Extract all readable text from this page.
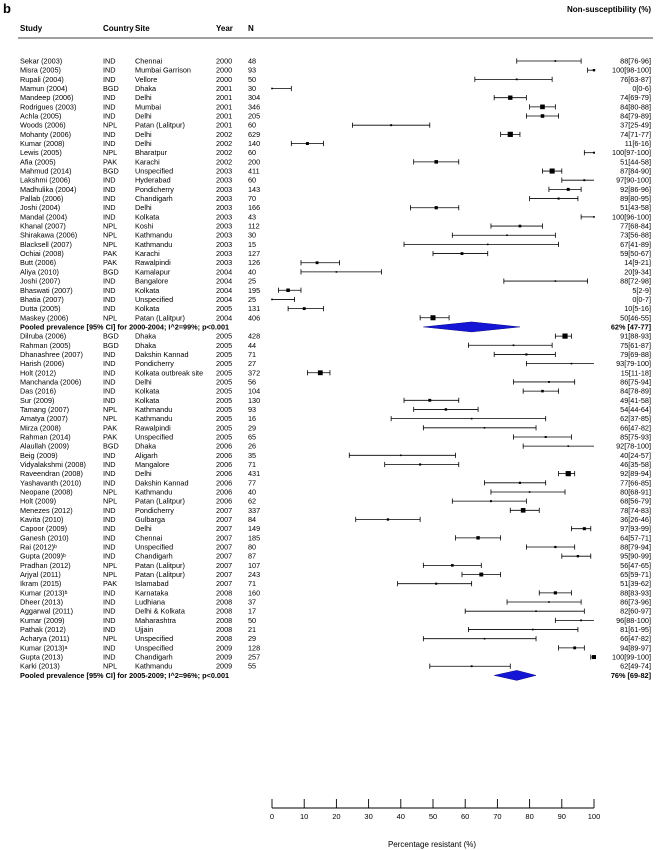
b	Non-susceptibility (%)
Study	Country Site	Year N
Sekar (2003)	IND	Chennai	2000 48	88[76-96]
Misra (2005)	IND	Mumbai Garrison	2000 93	100[98-100]
Rupali (2004)	IND	Vellore	2000 50	76[63-87]
Mamun (2004)	BGD Dhaka	2001 30	0[0-6]
Mandeep (2006)	IND	Delhi	2001 304	74[69-79]
Rodrigues (2003)	IND	Mumbai	2001 346	84[80-88]
Achla (2005)	IND	Delhi	2001 205	84[79-89]
Woods (2006)	NPL Patan (Lalitpur)	2001 60	37[25-49]
Mohanty (2006)	IND	Delhi	2002 629	74[71-77]
Kumar (2008)	IND	Delhi	2002 140	11[6-16]
Lewis (2005)	NPL Bharatpur	2002 60	100[97-100]
Afia (2005)	PAK Karachi	2002 200	51[44-58]
Mahmud (2014)	BGD Unspecified	2003 411	87[84-90]
Lakshmi (2006)	IND	Hyderabad	2003 60	97[90-100]
Madhulika (2004)	IND	Pondicherry	2003 143	92[86-96]
Pallab (2006)	IND	Chandigarh	2003 70	89[80-95]
Joshi (2004)	IND	Delhi	2003 166	51[43-58]
Mandal (2004)	IND	Kolkata	2003 43	100[96-100]
Khanal (2007)	NPL Koshi	2003 112	77[68-84]
Shirakawa (2006)	NPL Kathmandu	2003 30	73[56-88]
Blacksell (2007)	NPL Kathmandu	2003 15	67[41-89]
Ochiai (2008)	PAK Karachi	2003 127	59[50-67]
Butt (2006)	PAK Rawalpindi	2003 126	14[9-21]
Aliya (2010)	BGD Kamalapur	2004 40	20[9-34]
Joshi (2007)	IND	Bangalore	2004 25	88[72-98]
Bhaswati (2007)	IND	Kolkata	2004 195	5[2-9]
Bhatia (2007)	IND	Unspecified	2004 25	0[0-7]
Dutta (2005)	IND	Kolkata	2005 131	10[5-16]
Maskey (2006)	NPL Patan (Lalitpur)	2004 406	50[46-55]
Pooled prevalence [95% CI] for 2000-2004; I^2=99%; p<0.001	62% [47-77]
Dilruba (2006)	BGD Dhaka	2005 428	91[88-93]
Rahman (2005)	BGD Dhaka	2005 44	75[61-87]
Dhanashree (2007)	IND	Dakshin Kannad	2005 71	79[69-88]
Harish (2006)	IND	Pondicherry	2005 27	93[79-100]
Holt (2012)	IND	Kolkata outbreak site 2005 372	15[11-18]
Manchanda (2006)	IND	Delhi	2005 56	86[75-94]
Das (2016)	IND	Kolkata	2005 104	84[78-89]
Sur (2009)	IND	Kolkata	2005 130	49[41-58]
Tamang (2007)	NPL Kathmandu	2005 93	54[44-64]
Amatya (2007)	NPL Kathmandu	2005 16	62[37-85]
Mirza (2008)	PAK Rawalpindi	2005 29	66[47-82]
Rahman (2014)	PAK Unspecified	2005 65	85[75-93]
Alaullah (2009)	BGD Dhaka	2006 26	92[78-100]
Beig (2009)	IND	Aligarh	2006 35	40[24-57]
Vidyalakshmi (2008) IND	Mangalore	2006 71	46[35-58]
Raveendran (2008)	IND	Delhi	2006 431	92[89-94]
Yashavanth (2010)	IND	Dakshin Kannad	2006 77	77[66-85]
Neopane (2008)	NPL Kathmandu	2006 40	80[68-91]
Holt (2009)	NPL Patan (Lalitpur)	2006 62	68[56-79]
Menezes (2012)	IND	Pondicherry	2007 337	78[74-83]
Kavita (2010)	IND	Gulbarga	2007 84	36[26-46]
Capoor (2009)	IND	Delhi	2007 149	97[93-99]
Ganesh (2010)	IND	Chennai	2007 185	64[57-71]
Rai (2012)ᵇ	IND	Unspecified	2007 80	88[79-94]
Gupta (2009)ᵇ	IND	Chandigarh	2007 87	95[90-99]
Pradhan (2012)	NPL Patan (Lalitpur)	2007 107	56[47-65]
Arjyal (2011)	NPL Patan (Lalitpur)	2007 243	65[59-71]
Ikram (2015)	PAK Islamabad	2007 71	51[39-62]
Kumar (2013)ᵇ	IND	Karnataka	2008 160	88[83-93]
Dheer (2013)	IND	Ludhiana	2008 37	86[73-96]
Aggarwal (2011)	IND	Delhi & Kolkata	2008 17	82[60-97]
Kumar (2009)	IND	Maharashtra	2008 50	96[88-100]
Pathak (2012)	IND	Ujjain	2008 21	81[61-95]
Acharya (2011)	NPL Unspecified	2008 29	66[47-82]
Kumar (2013)ᵃ	IND	Unspecified	2009 128	94[89-97]
Gupta (2013)	IND	Chandigarh	2009 257	100[99-100]
Karki (2013)	NPL Kathmandu	2009 55	62[49-74]
Pooled prevalence [95% CI] for 2005-2009; I^2=96%; p<0.001	76% [69-82]
0	10	20	30	40	50	60	70	80	90	100
Percentage resistant (%)
